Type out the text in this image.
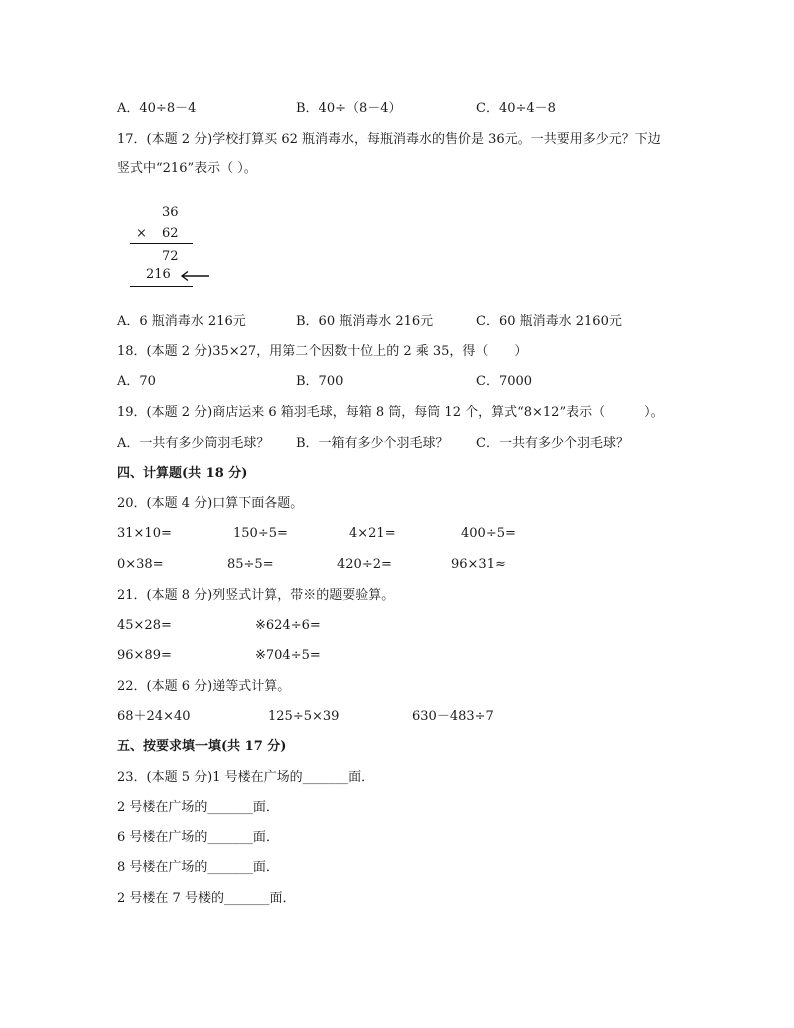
A．40÷8－4	B．40÷（8－4）	C．40÷4－8
17．(本题 2 分)学校打算买 62 瓶消毒水，每瓶消毒水的售价是 36元。一共要用多少元？下边
竖式中“216”表示（ ）。
36
× 62
72
216
A．6 瓶消毒水 216元	B．60 瓶消毒水 216元	C．60 瓶消毒水 2160元
18．(本题 2 分)35×27，用第二个因数十位上的 2 乘 35，得（　　）
A．70	B．700	C．7000
19．(本题 2 分)商店运来 6 箱羽毛球，每箱 8 筒，每筒 12 个，算式“8×12”表示（　　　）。
A．一共有多少筒羽毛球？ B．一箱有多少个羽毛球？ C．一共有多少个羽毛球？
四、计算题(共 18 分)
20．(本题 4 分)口算下面各题。
31×10=	150÷5=	4×21=	400÷5=
0×38=	85÷5=	420÷2=	96×31≈
21．(本题 8 分)列竖式计算，带※的题要验算。
45×28=	※624÷6=
96×89=	※704÷5=
22．(本题 6 分)递等式计算。
68＋24×40	125÷5×39	630－483÷7
五、按要求填一填(共 17 分)
23．(本题 5 分)1 号楼在广场的_______面．
2 号楼在广场的_______面．
6 号楼在广场的_______面．
8 号楼在广场的_______面．
2 号楼在 7 号楼的_______面．
